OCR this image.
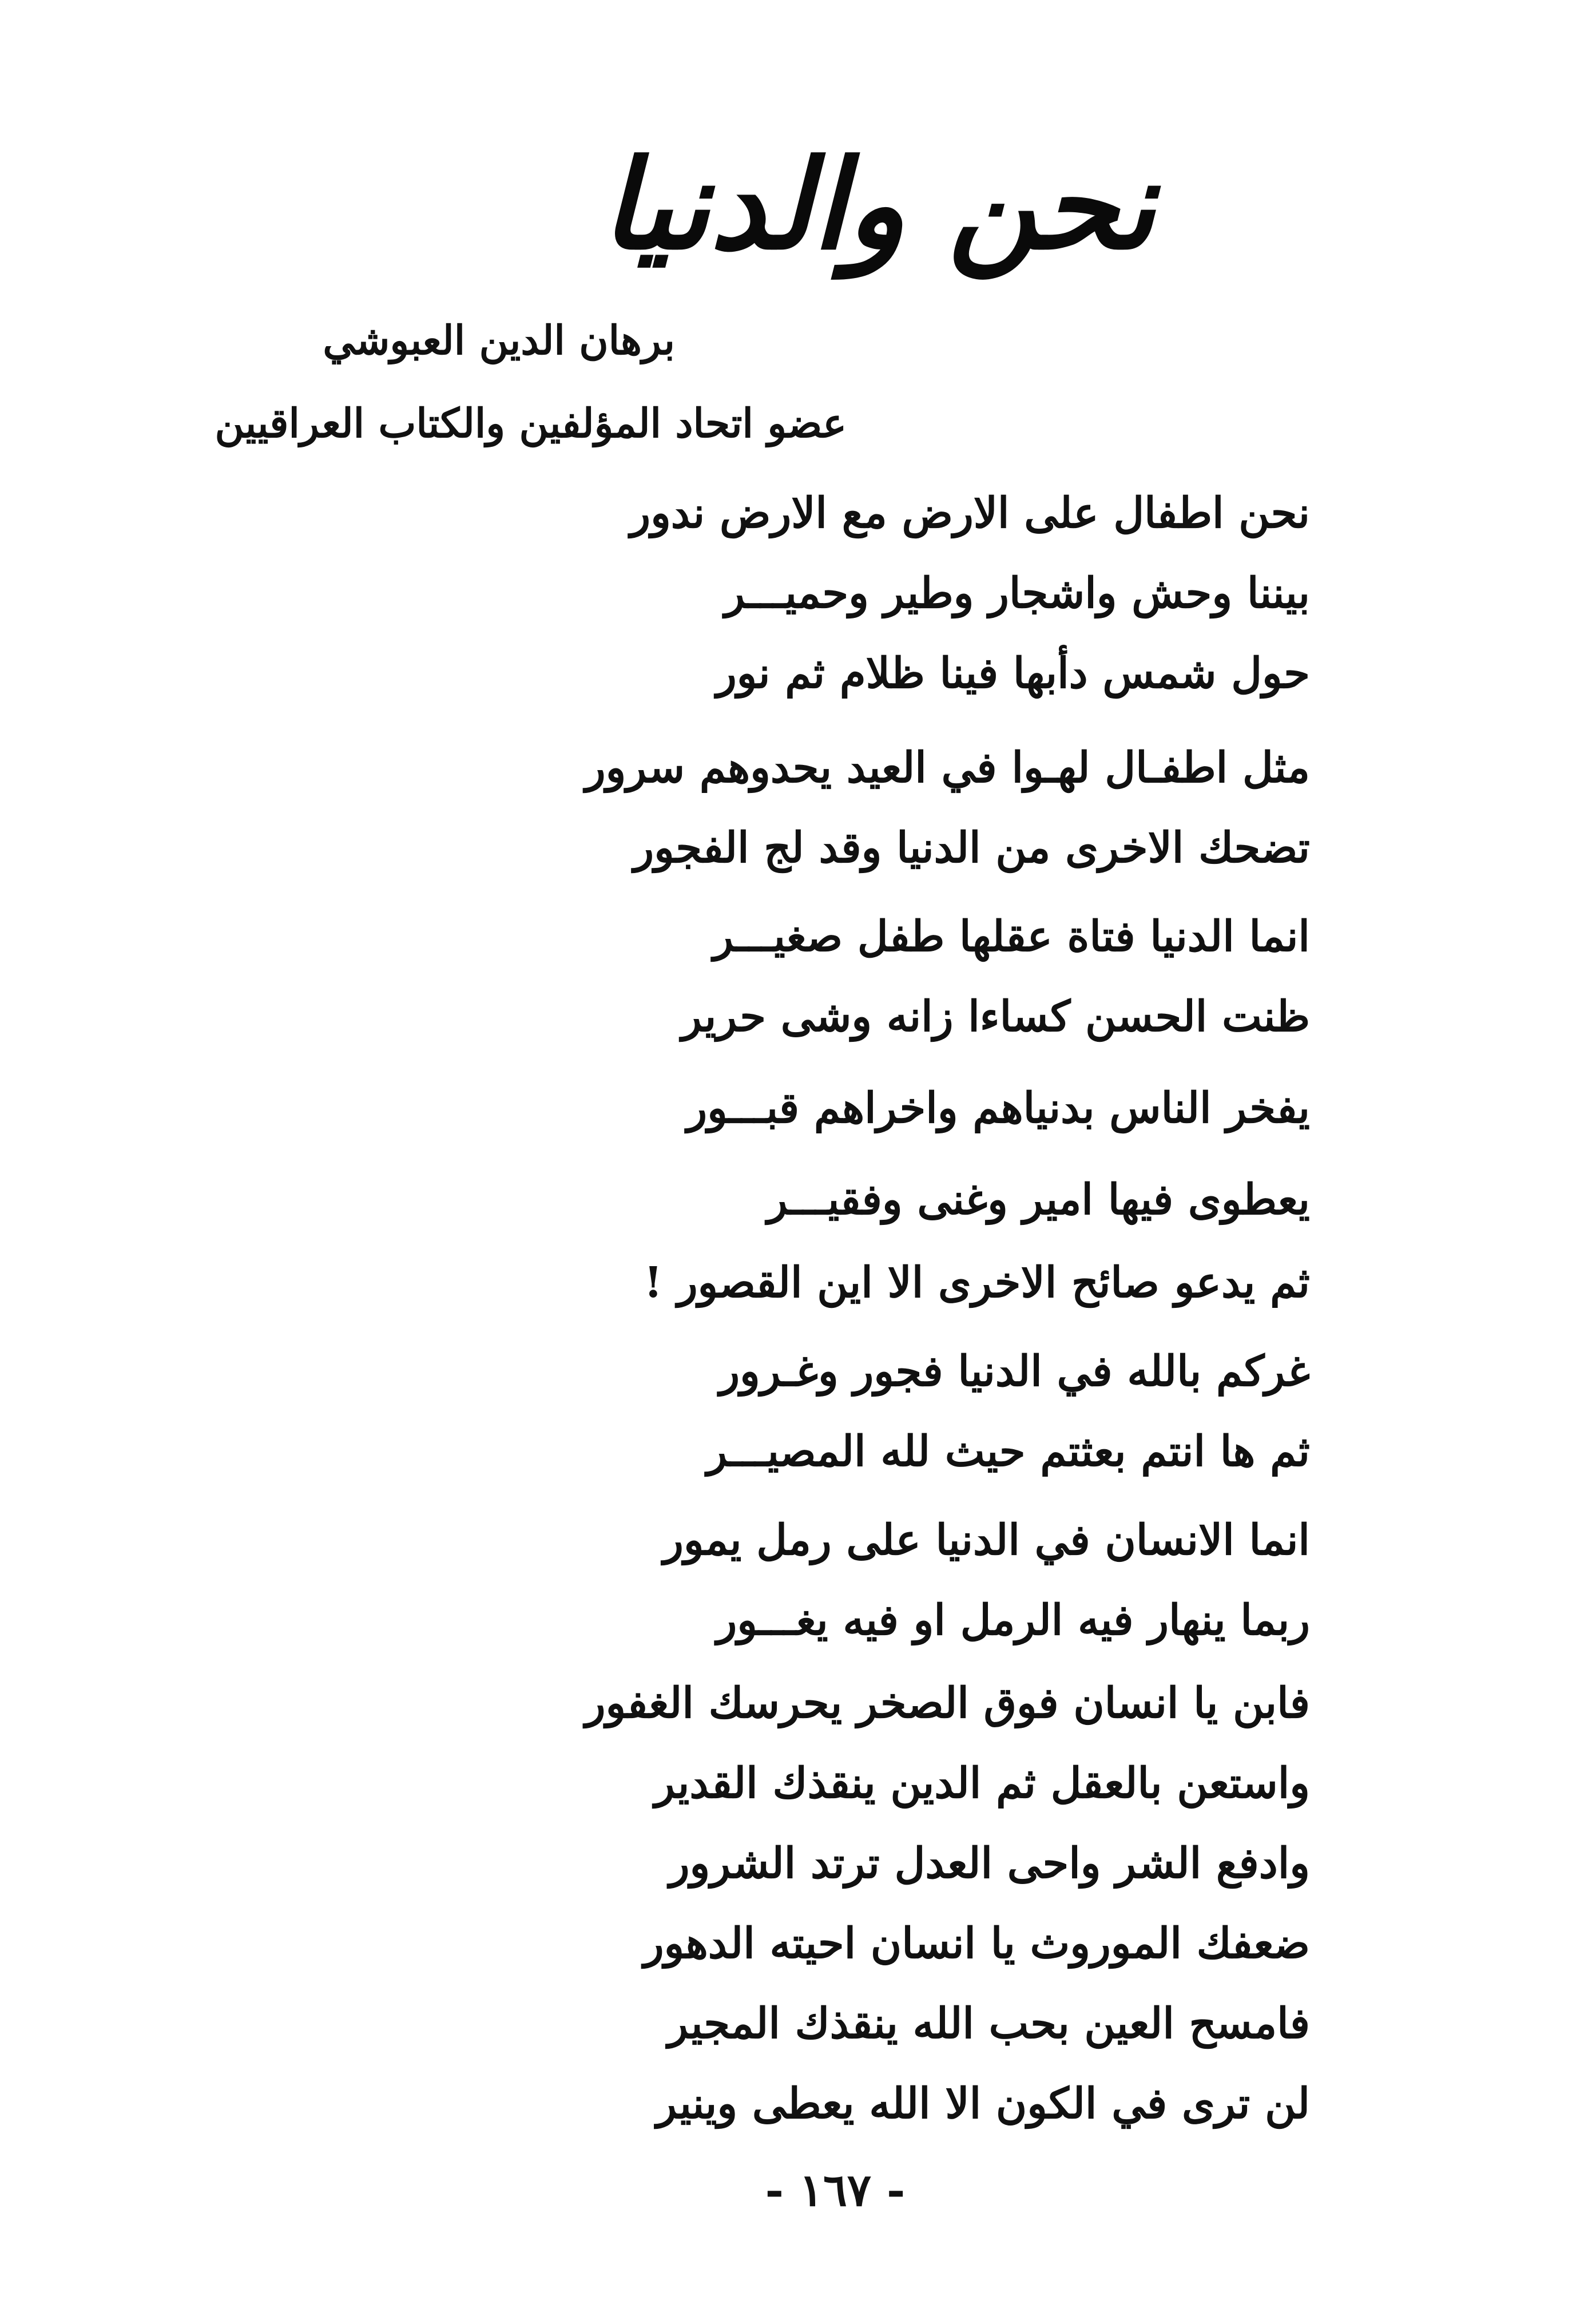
نحن والدنيا
برهان الدين العبوشي
عضو اتحاد المؤلفين والكتاب العراقيين
نحن اطفال على الارض مع الارض ندور
بيننا وحش واشجار وطير وحميـــر
حول شمس دأبها فينا ظلام ثم نور
مثل اطفـال لهـوا في العيد يحدوهم سرور
تضحك الاخرى من الدنيا وقد لج الفجور
انما الدنيا فتاة عقلها طفل صغيـــر
ظنت الحسن كساءا زانه وشى حرير
يفخر الناس بدنياهم واخراهم قبـــور
يعطوى فيها امير وغنى وفقيـــر
ثم يدعو صائح الاخرى الا اين القصور !
غركم بالله في الدنيا فجور وغـرور
ثم ها انتم بعثتم حيث لله المصيـــر
انما الانسان في الدنيا على رمل يمور
ربما ينهار فيه الرمل او فيه يغـــور
فابن يا انسان فوق الصخر يحرسك الغفور
واستعن بالعقل ثم الدين ينقذك القدير
وادفع الشر واحى العدل ترتد الشرور
ضعفك الموروث يا انسان احيته الدهور
فامسح العين بحب الله ينقذك المجير
لن ترى في الكون الا الله يعطى وينير
- ١٦٧ -
